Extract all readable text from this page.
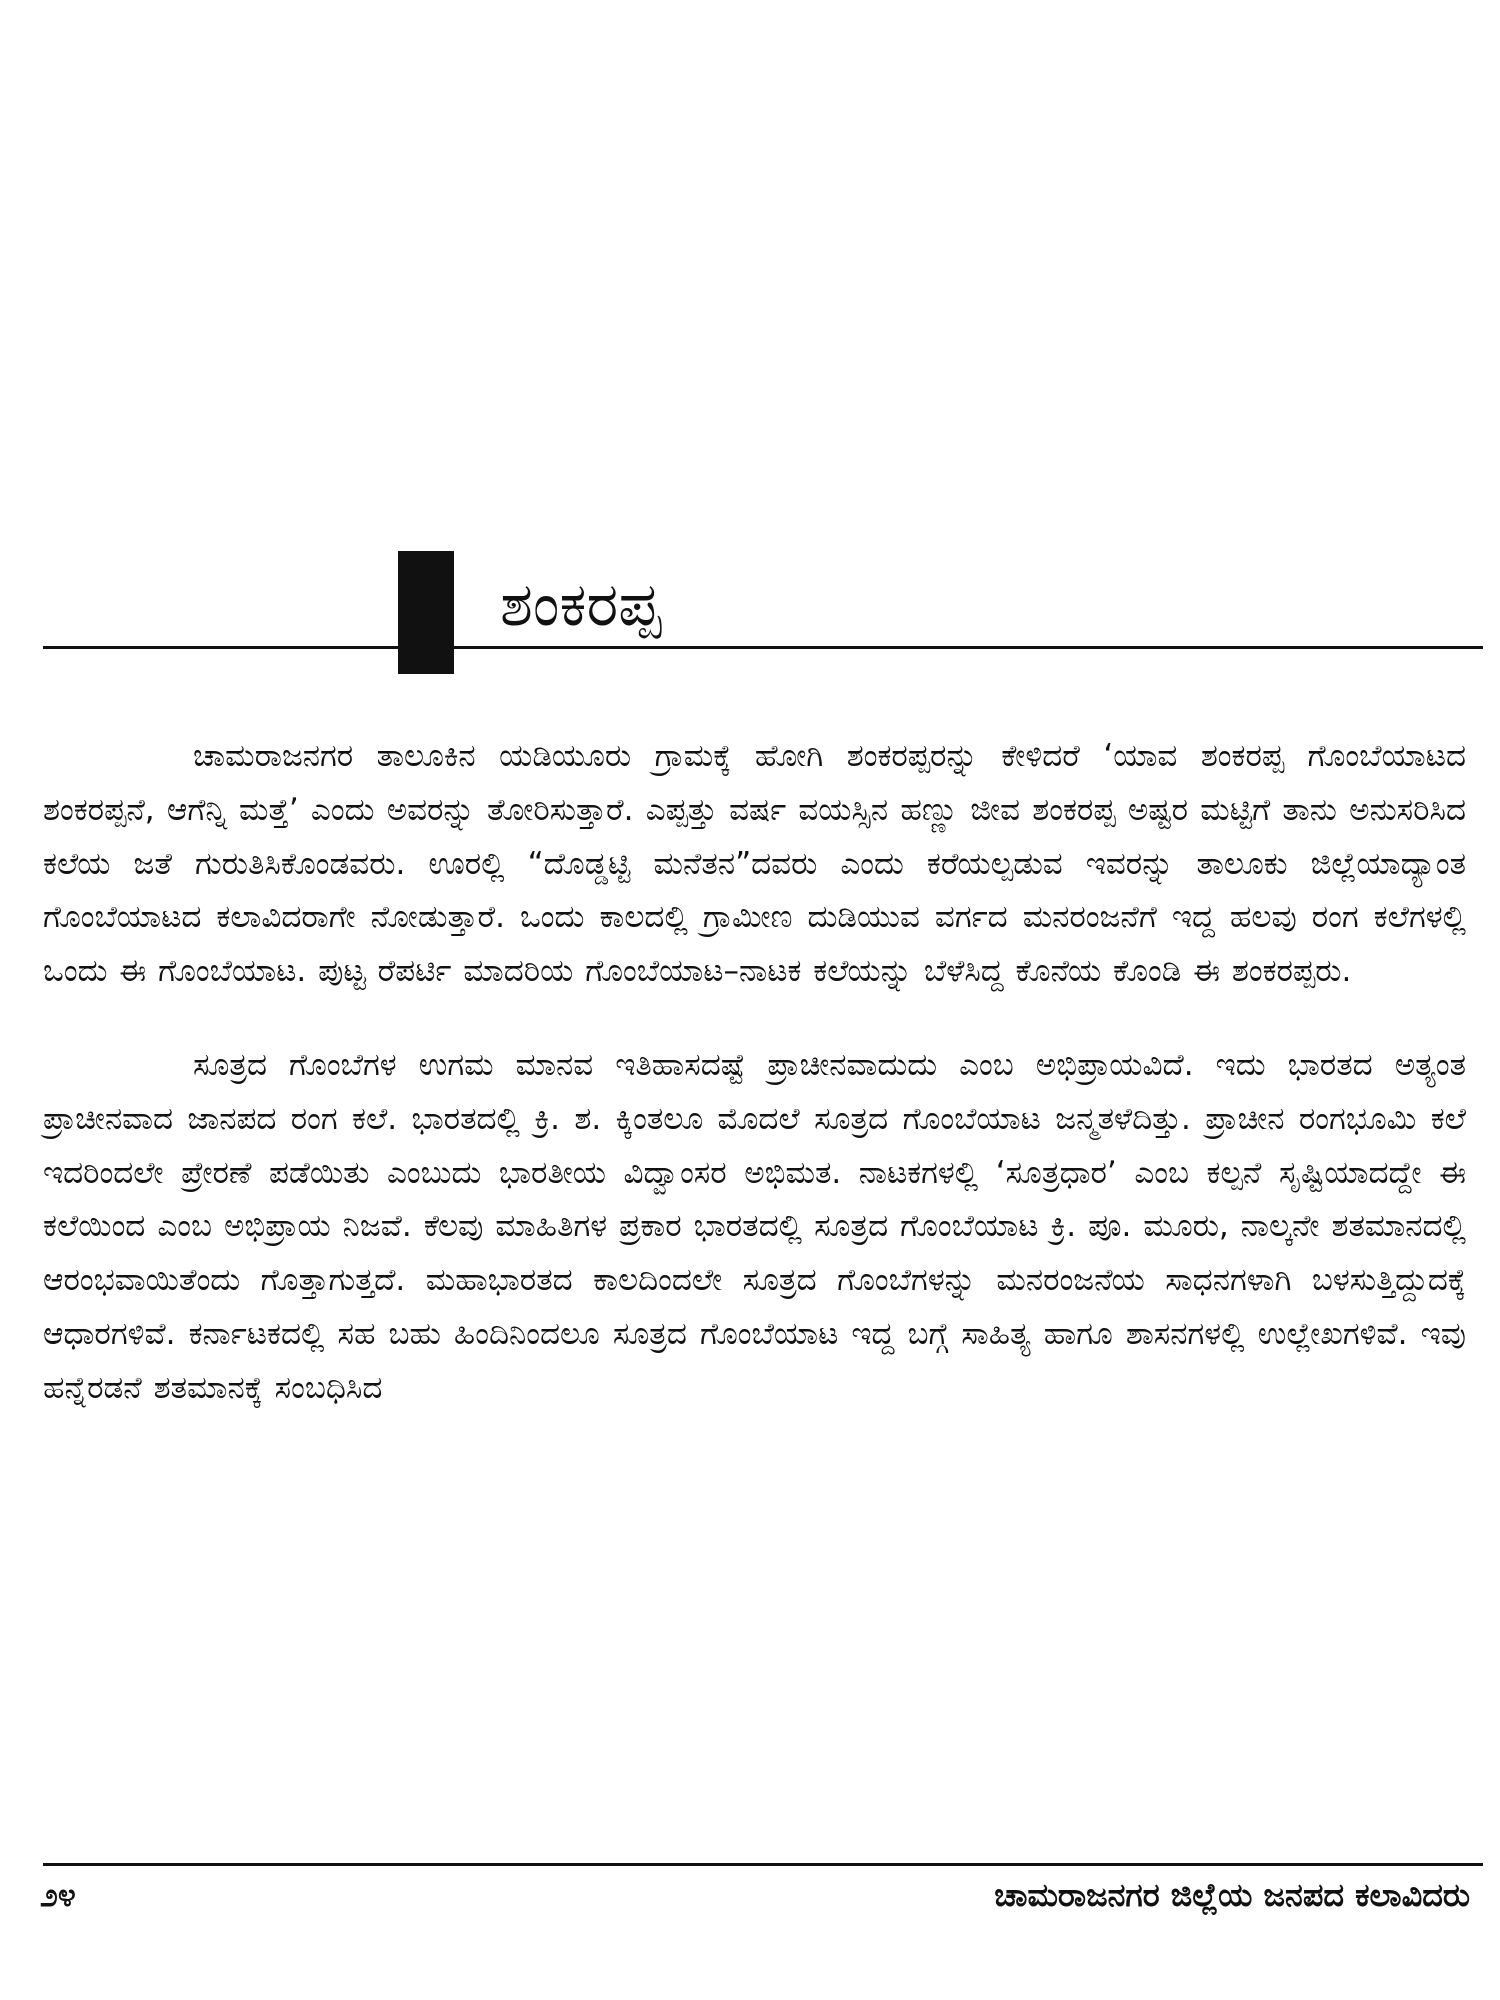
ಶಂಕರಪ್ಪ

ಚಾಮರಾಜನಗರ ತಾಲೂಕಿನ ಯಡಿಯೂರು ಗ್ರಾಮಕ್ಕೆ ಹೋಗಿ ಶಂಕರಪ್ಪರನ್ನು ಕೇಳಿದರೆ ‘ಯಾವ ಶಂಕರಪ್ಪ ಗೊಂಬೆಯಾಟದ ಶಂಕರಪ್ಪನೆ, ಆಗೆನ್ನಿ ಮತ್ತೆ’ ಎಂದು ಅವರನ್ನು ತೋರಿಸುತ್ತಾರೆ. ಎಪ್ಪತ್ತು ವರ್ಷ ವಯಸ್ಸಿನ ಹಣ್ಣು ಜೀವ ಶಂಕರಪ್ಪ ಅಷ್ಟರ ಮಟ್ಟಿಗೆ ತಾನು ಅನುಸರಿಸಿದ ಕಲೆಯ ಜತೆ ಗುರುತಿಸಿಕೊಂಡವರು. ಊರಲ್ಲಿ “ದೊಡ್ಡಟ್ಟಿ ಮನೆತನ”ದವರು ಎಂದು ಕರೆಯಲ್ಪಡುವ ಇವರನ್ನು ತಾಲೂಕು ಜಿಲ್ಲೆಯಾದ್ಯಾಂತ ಗೊಂಬೆಯಾಟದ ಕಲಾವಿದರಾಗೇ ನೋಡುತ್ತಾರೆ. ಒಂದು ಕಾಲದಲ್ಲಿ ಗ್ರಾಮೀಣ ದುಡಿಯುವ ವರ್ಗದ ಮನರಂಜನೆಗೆ ಇದ್ದ ಹಲವು ರಂಗ ಕಲೆಗಳಲ್ಲಿ ಒಂದು ಈ ಗೊಂಬೆಯಾಟ. ಪುಟ್ಟ ರೆಪರ್ಟಿ ಮಾದರಿಯ ಗೊಂಬೆಯಾಟ–ನಾಟಕ ಕಲೆಯನ್ನು ಬೆಳೆಸಿದ್ದ ಕೊನೆಯ ಕೊಂಡಿ ಈ ಶಂಕರಪ್ಪರು.

ಸೂತ್ರದ ಗೊಂಬೆಗಳ ಉಗಮ ಮಾನವ ಇತಿಹಾಸದಷ್ಟೆ ಪ್ರಾಚೀನವಾದುದು ಎಂಬ ಅಭಿಪ್ರಾಯವಿದೆ. ಇದು ಭಾರತದ ಅತ್ಯಂತ ಪ್ರಾಚೀನವಾದ ಜಾನಪದ ರಂಗ ಕಲೆ. ಭಾರತದಲ್ಲಿ ಕ್ರಿ. ಶ. ಕ್ಕಿಂತಲೂ ಮೊದಲೆ ಸೂತ್ರದ ಗೊಂಬೆಯಾಟ ಜನ್ಮತಳೆದಿತ್ತು. ಪ್ರಾಚೀನ ರಂಗಭೂಮಿ ಕಲೆ ಇದರಿಂದಲೇ ಪ್ರೇರಣೆ ಪಡೆಯಿತು ಎಂಬುದು ಭಾರತೀಯ ವಿದ್ವಾಂಸರ ಅಭಿಮತ. ನಾಟಕಗಳಲ್ಲಿ ‘ಸೂತ್ರಧಾರ’ ಎಂಬ ಕಲ್ಪನೆ ಸೃಷ್ಟಿಯಾದದ್ದೇ ಈ ಕಲೆಯಿಂದ ಎಂಬ ಅಭಿಪ್ರಾಯ ನಿಜವೆ. ಕೆಲವು ಮಾಹಿತಿಗಳ ಪ್ರಕಾರ ಭಾರತದಲ್ಲಿ ಸೂತ್ರದ ಗೊಂಬೆಯಾಟ ಕ್ರಿ. ಪೂ. ಮೂರು, ನಾಲ್ಕನೇ ಶತಮಾನದಲ್ಲಿ ಆರಂಭವಾಯಿತೆಂದು ಗೊತ್ತಾಗುತ್ತದೆ. ಮಹಾಭಾರತದ ಕಾಲದಿಂದಲೇ ಸೂತ್ರದ ಗೊಂಬೆಗಳನ್ನು ಮನರಂಜನೆಯ ಸಾಧನಗಳಾಗಿ ಬಳಸುತ್ತಿದ್ದುದಕ್ಕೆ ಆಧಾರಗಳಿವೆ. ಕರ್ನಾಟಕದಲ್ಲಿ ಸಹ ಬಹು ಹಿಂದಿನಿಂದಲೂ ಸೂತ್ರದ ಗೊಂಬೆಯಾಟ ಇದ್ದ ಬಗ್ಗೆ ಸಾಹಿತ್ಯ ಹಾಗೂ ಶಾಸನಗಳಲ್ಲಿ ಉಲ್ಲೇಖಗಳಿವೆ. ಇವು ಹನ್ನೆರಡನೆ ಶತಮಾನಕ್ಕೆ ಸಂಬಧಿಸಿದ

೨೪	ಚಾಮರಾಜನಗರ ಜಿಲ್ಲೆಯ ಜನಪದ ಕಲಾವಿದರು
